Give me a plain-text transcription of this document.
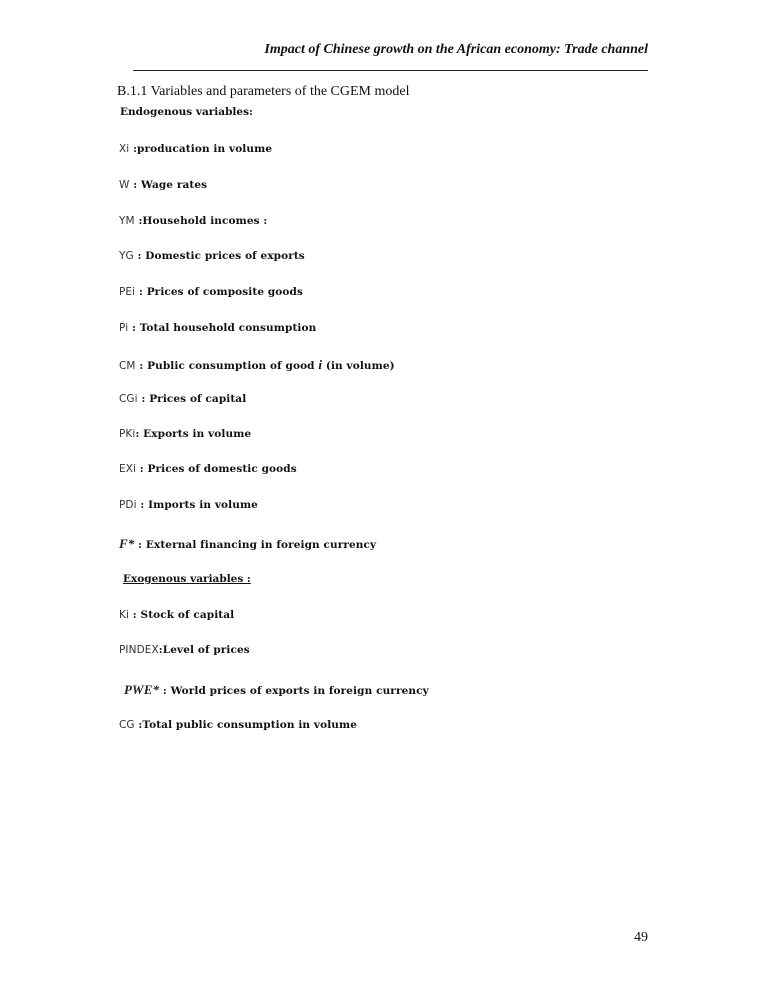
Impact of Chinese growth on the African economy: Trade channel
B.1.1 Variables and parameters of the CGEM model
Endogenous variables:
Xi :producation in volume
W : Wage rates
YM :Household incomes :
YG : Domestic prices of exports
PEi : Prices of composite goods
Pi : Total household consumption
CM : Public consumption of good i (in volume)
CGi : Prices of capital
PKi: Exports in volume
EXi : Prices of domestic goods
PDi : Imports in volume
F* : External financing in foreign currency
Exogenous variables :
Ki : Stock of capital
PINDEX:Level of prices
PWE* : World prices of exports in foreign currency
CG :Total public consumption in volume
49
